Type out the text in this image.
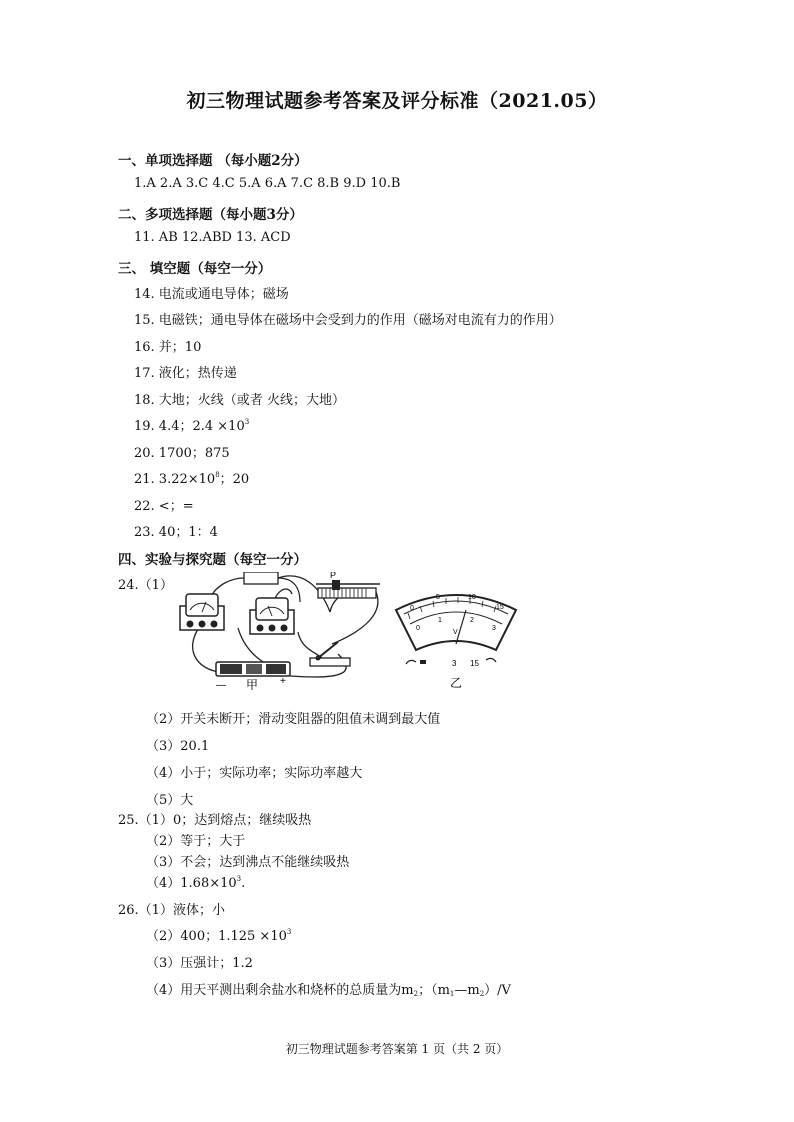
初三物理试题参考答案及评分标准（2021.05）
一、单项选择题 （每小题2分）
1.A 2.A 3.C 4.C 5.A 6.A 7.C 8.B 9.D 10.B
二、多项选择题（每小题3分）
11. AB 12.ABD 13. ACD
三、 填空题（每空一分）
14. 电流或通电导体；磁场
15. 电磁铁；通电导体在磁场中会受到力的作用（磁场对电流有力的作用）
16. 并；10
17. 液化；热传递
18. 大地；火线（或者 火线；大地）
19. 4.4；$2.4 \times 10^3$
20. 1700；875
21. $3.22\times 10^8$；20
22. <；=
23. 40；1：4
四、实验与探究题（每空一分）
24.（1）
P
—	+
甲
0
5	10
15
0
1	2
3
V
3 15
乙
（2）开关未断开；滑动变阻器的阻值未调到最大值
（3）20.1
（4）小于；实际功率；实际功率越大
（5）大
25.（1）0；达到熔点；继续吸热
（2）等于；大于
（3）不会；达到沸点不能继续吸热
$(4)1.68\times 10^3$.
26.（1）液体；小
（2）400；$1.125 \times 10^3$
（3）压强计；1.2
（4）用天平测出剩余盐水和烧杯的总质量为$m_2$；$(m_1—m_2)/V$
初三物理试题参考答案第 1 页（共 2 页）
